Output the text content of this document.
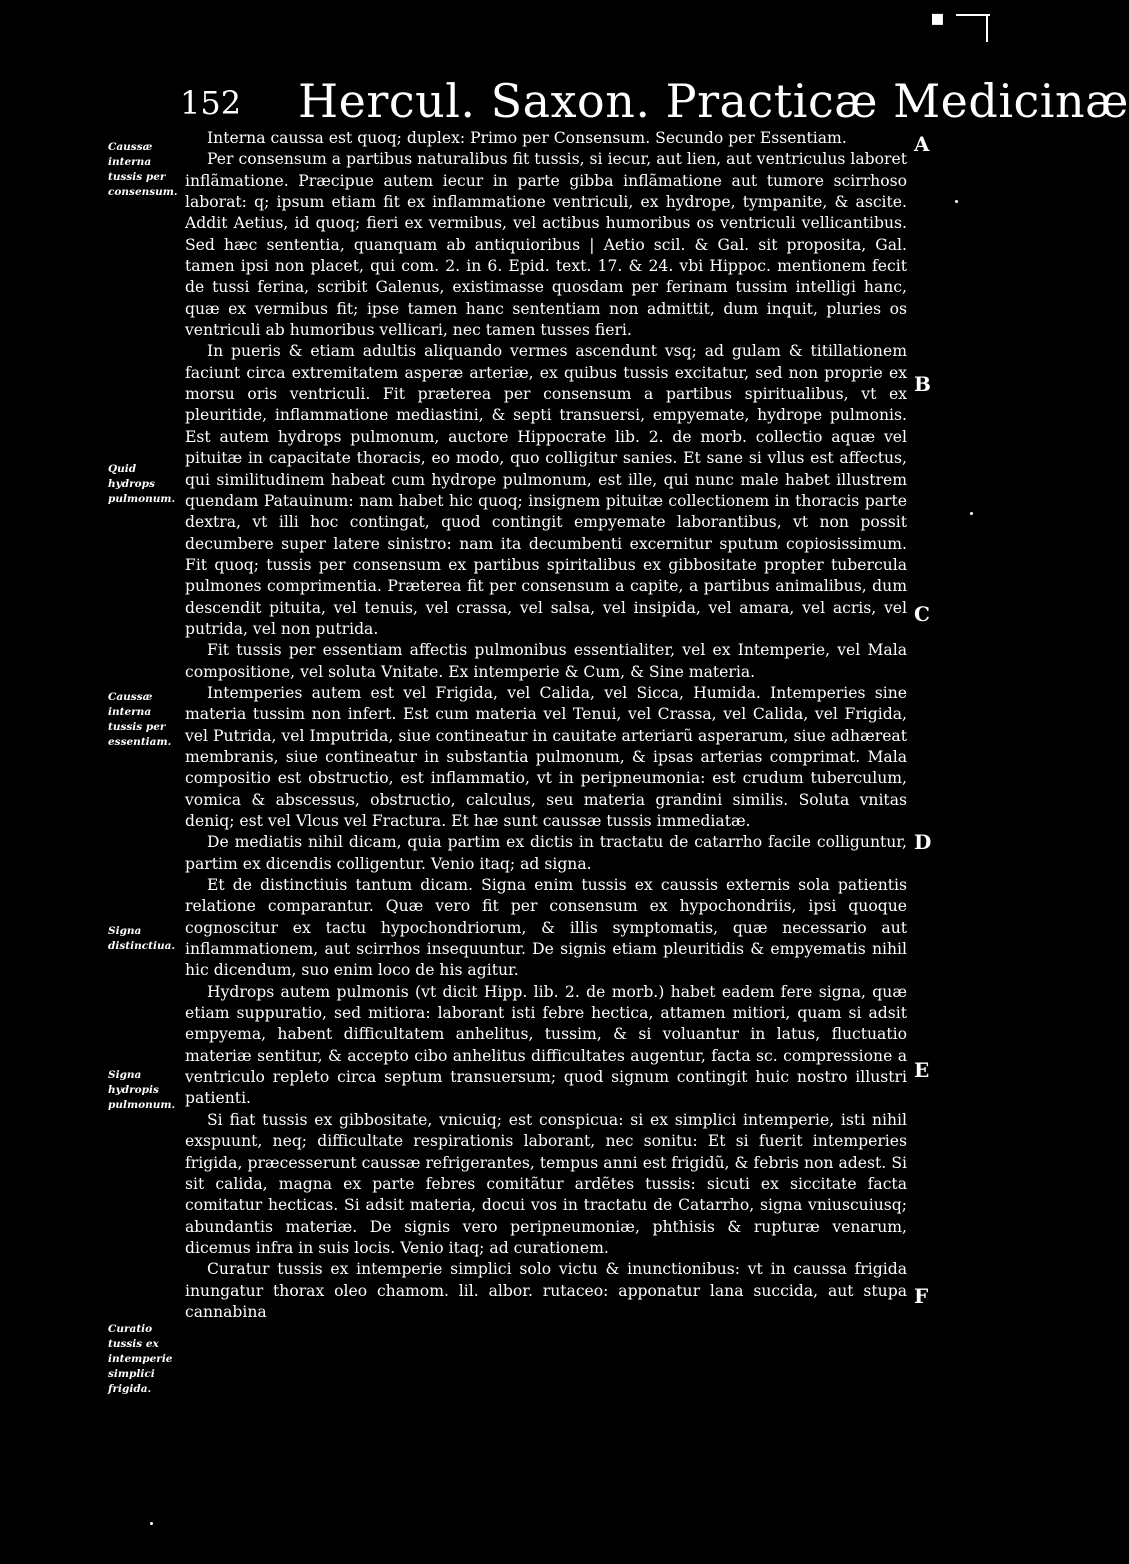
152 Hercul. Saxon. Practicæ Medicinæ
▪
Caussæ interna tussis per consensum.
Quid hydrops pulmonum.
Caussæ interna tussis per essentiam.
Signa distinctiua.
Signa hydropis pulmonum.
Curatio tussis ex intemperie simplici frigida.
A
B
C
D
E
F

Interna caussa est quoq; duplex: Primo per Consensum. Secundo per Essentiam.

Per consensum a partibus naturalibus fit tussis, si iecur, aut lien, aut ventriculus laboret inflãmatione. Præcipue autem iecur in parte gibba inflãmatione aut tumore scirrhoso laborat: q; ipsum etiam fit ex inflammatione ventriculi, ex hydrope, tympanite, & ascite. Addit Aetius, id quoq; fieri ex vermibus, vel actibus humoribus os ventriculi vellicantibus. Sed hæc sententia, quanquam ab antiquioribus | Aetio scil. & Gal. sit proposita, Gal. tamen ipsi non placet, qui com. 2. in 6. Epid. text. 17. & 24. vbi Hippoc. mentionem fecit de tussi ferina, scribit Galenus, existimasse quosdam per ferinam tussim intelligi hanc, quæ ex vermibus fit; ipse tamen hanc sententiam non admittit, dum inquit, pluries os ventriculi ab humoribus vellicari, nec tamen tusses fieri.

In pueris & etiam adultis aliquando vermes ascendunt vsq; ad gulam & titillationem faciunt circa extremitatem asperæ arteriæ, ex quibus tussis excitatur, sed non proprie ex morsu oris ventriculi. Fit præterea per consensum a partibus spiritualibus, vt ex pleuritide, inflammatione mediastini, & septi transuersi, empyemate, hydrope pulmonis. Est autem hydrops pulmonum, auctore Hippocrate lib. 2. de morb. collectio aquæ vel pituitæ in capacitate thoracis, eo modo, quo colligitur sanies. Et sane si vllus est affectus, qui similitudinem habeat cum hydrope pulmonum, est ille, qui nunc male habet illustrem quendam Patauinum: nam habet hic quoq; insignem pituitæ collectionem in thoracis parte dextra, vt illi hoc contingat, quod contingit empyemate laborantibus, vt non possit decumbere super latere sinistro: nam ita decumbenti excernitur sputum copiosissimum. Fit quoq; tussis per consensum ex partibus spiritalibus ex gibbositate propter tubercula pulmones comprimentia. Præterea fit per consensum a capite, a partibus animalibus, dum descendit pituita, vel tenuis, vel crassa, vel salsa, vel insipida, vel amara, vel acris, vel putrida, vel non putrida.

Fit tussis per essentiam affectis pulmonibus essentialiter, vel ex Intemperie, vel Mala compositione, vel soluta Vnitate. Ex intemperie & Cum, & Sine materia.

Intemperies autem est vel Frigida, vel Calida, vel Sicca, Humida. Intemperies sine materia tussim non infert. Est cum materia vel Tenui, vel Crassa, vel Calida, vel Frigida, vel Putrida, vel Imputrida, siue contineatur in cauitate arteriarũ asperarum, siue adhæreat membranis, siue contineatur in substantia pulmonum, & ipsas arterias comprimat. Mala compositio est obstructio, est inflammatio, vt in peripneumonia: est crudum tuberculum, vomica & abscessus, obstructio, calculus, seu materia grandini similis. Soluta vnitas deniq; est vel Vlcus vel Fractura. Et hæ sunt caussæ tussis immediatæ.

De mediatis nihil dicam, quia partim ex dictis in tractatu de catarrho facile colliguntur, partim ex dicendis colligentur. Venio itaq; ad signa.

Et de distinctiuis tantum dicam. Signa enim tussis ex caussis externis sola patientis relatione comparantur. Quæ vero fit per consensum ex hypochondriis, ipsi quoque cognoscitur ex tactu hypochondriorum, & illis symptomatis, quæ necessario aut inflammationem, aut scirrhos insequuntur. De signis etiam pleuritidis & empyematis nihil hic dicendum, suo enim loco de his agitur.

Hydrops autem pulmonis (vt dicit Hipp. lib. 2. de morb.) habet eadem fere signa, quæ etiam suppuratio, sed mitiora: laborant isti febre hectica, attamen mitiori, quam si adsit empyema, habent difficultatem anhelitus, tussim, & si voluantur in latus, fluctuatio materiæ sentitur, & accepto cibo anhelitus difficultates augentur, facta sc. compressione a ventriculo repleto circa septum transuersum; quod signum contingit huic nostro illustri patienti.

Si fiat tussis ex gibbositate, vnicuiq; est conspicua: si ex simplici intemperie, isti nihil exspuunt, neq; difficultate respirationis laborant, nec sonitu: Et si fuerit intemperies frigida, præcesserunt caussæ refrigerantes, tempus anni est frigidũ, & febris non adest. Si sit calida, magna ex parte febres comitãtur ardẽtes tussis: sicuti ex siccitate facta comitatur hecticas. Si adsit materia, docui vos in tractatu de Catarrho, signa vniuscuiusq; abundantis materiæ. De signis vero peripneumoniæ, phthisis & rupturæ venarum, dicemus infra in suis locis. Venio itaq; ad curationem.

Curatur tussis ex intemperie simplici solo victu & inunctionibus: vt in caussa frigida inungatur thorax oleo chamom. lil. albor. rutaceo: apponatur lana succida, aut stupa cannabina
